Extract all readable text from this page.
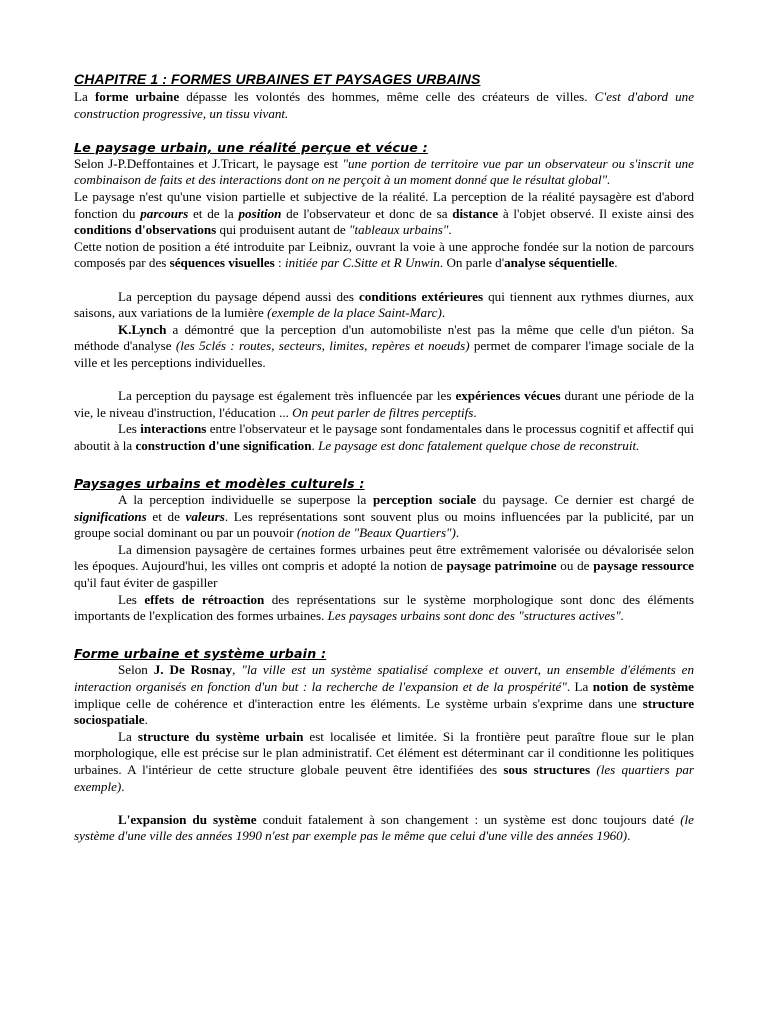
CHAPITRE 1 : FORMES URBAINES ET PAYSAGES URBAINS

La forme urbaine dépasse les volontés des hommes, même celle des créateurs de villes. C'est d'abord une construction progressive, un tissu vivant.

Le paysage urbain, une réalité perçue et vécue :

Selon J-P.Deffontaines et J.Tricart, le paysage est "une portion de territoire vue par un observateur ou s'inscrit une combinaison de faits et des interactions dont on ne perçoit à un moment donné que le résultat global".

Le paysage n'est qu'une vision partielle et subjective de la réalité. La perception de la réalité paysagère est d'abord fonction du parcours et de la position de l'observateur et donc de sa distance à l'objet observé. Il existe ainsi des conditions d'observations qui produisent autant de "tableaux urbains".

Cette notion de position a été introduite par Leibniz, ouvrant la voie à une approche fondée sur la notion de parcours composés par des séquences visuelles : initiée par C.Sitte et R Unwin. On parle d'analyse séquentielle.

La perception du paysage dépend aussi des conditions extérieures qui tiennent aux rythmes diurnes, aux saisons, aux variations de la lumière (exemple de la place Saint-Marc).

K.Lynch a démontré que la perception d'un automobiliste n'est pas la même que celle d'un piéton. Sa méthode d'analyse (les 5clés : routes, secteurs, limites, repères et noeuds) permet de comparer l'image sociale de la ville et les perceptions individuelles.

La perception du paysage est également très influencée par les expériences vécues durant une période de la vie, le niveau d'instruction, l'éducation ... On peut parler de filtres perceptifs.

Les interactions entre l'observateur et le paysage sont fondamentales dans le processus cognitif et affectif qui aboutit à la construction d'une signification. Le paysage est donc fatalement quelque chose de reconstruit.

Paysages urbains et modèles culturels :

A la perception individuelle se superpose la perception sociale du paysage. Ce dernier est chargé de significations et de valeurs. Les représentations sont souvent plus ou moins influencées par la publicité, par un groupe social dominant ou par un pouvoir (notion de "Beaux Quartiers").

La dimension paysagère de certaines formes urbaines peut être extrêmement valorisée ou dévalorisée selon les époques. Aujourd'hui, les villes ont compris et adopté la notion de paysage patrimoine ou de paysage ressource qu'il faut éviter de gaspiller

Les effets de rétroaction des représentations sur le système morphologique sont donc des éléments importants de l'explication des formes urbaines. Les paysages urbains sont donc des "structures actives".

Forme urbaine et système urbain :

Selon J. De Rosnay, "la ville est un système spatialisé complexe et ouvert, un ensemble d'éléments en interaction organisés en fonction d'un but : la recherche de l'expansion et de la prospérité". La notion de système implique celle de cohérence et d'interaction entre les éléments. Le système urbain s'exprime dans une structure sociospatiale.

La structure du système urbain est localisée et limitée. Si la frontière peut paraître floue sur le plan morphologique, elle est précise sur le plan administratif. Cet élément est déterminant car il conditionne les politiques urbaines. A l'intérieur de cette structure globale peuvent être identifiées des sous structures (les quartiers par exemple).

L'expansion du système conduit fatalement à son changement : un système est donc toujours daté (le système d'une ville des années 1990 n'est par exemple pas le même que celui d'une ville des années 1960).
